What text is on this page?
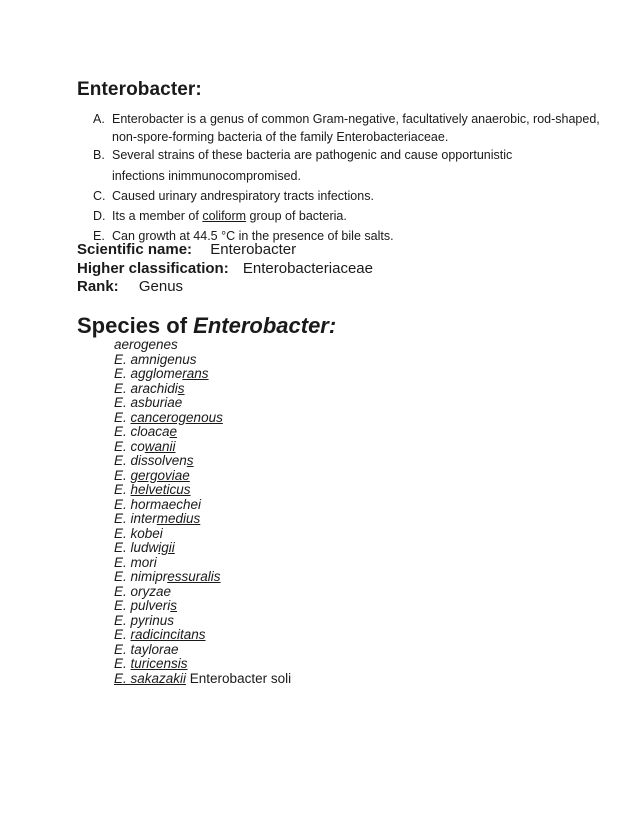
Enterobacter:
A. Enterobacter is a genus of common Gram-negative, facultatively anaerobic, rod-shaped,
non-spore-forming bacteria of the family Enterobacteriaceae.
B. Several strains of these bacteria are pathogenic and cause opportunistic
infections inimmunocompromised.
C. Caused urinary andrespiratory tracts infections.
D. Its a member of coliform group of bacteria.
E. Can growth at 44.5 °C in the presence of bile salts.
Scientific name: Enterobacter
Higher classification: Enterobacteriaceae
Rank: Genus
Species of Enterobacter:
aerogenes
E. amnigenus
E. agglomerans
E. arachidis
E. asburiae
E. cancerogenous
E. cloacae
E. cowanii
E. dissolvens
E. gergoviae
E. helveticus
E. hormaechei
E. intermedius
E. kobei
E. ludwigii
E. mori
E. nimipressuralis
E. oryzae
E. pulveris
E. pyrinus
E. radicincitans
E. taylorae
E. turicensis
E. sakazakii Enterobacter soli
